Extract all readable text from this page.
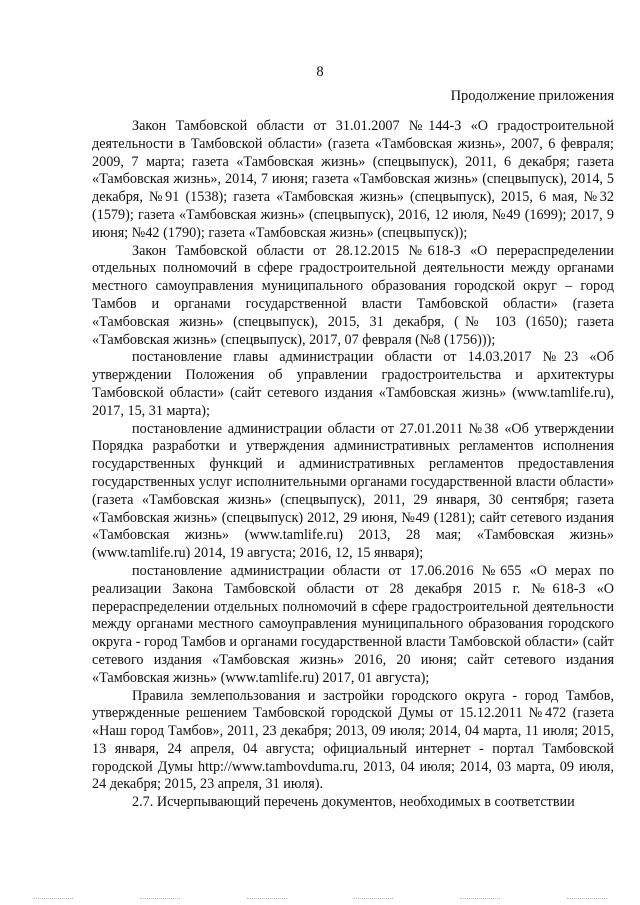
8
Продолжение приложения

Закон Тамбовской области от 31.01.2007 №144-З «О градостроительной деятельности в Тамбовской области» (газета «Тамбовская жизнь», 2007, 6 февраля; 2009, 7 марта; газета «Тамбовская жизнь» (спецвыпуск), 2011, 6 декабря; газета «Тамбовская жизнь», 2014, 7 июня; газета «Тамбовская жизнь» (спецвыпуск), 2014, 5 декабря, №91 (1538); газета «Тамбовская жизнь» (спецвыпуск), 2015, 6 мая, №32 (1579); газета «Тамбовская жизнь» (спецвыпуск), 2016, 12 июля, №49 (1699); 2017, 9 июня; №42 (1790); газета «Тамбовская жизнь» (спецвыпуск));

Закон Тамбовской области от 28.12.2015 №618-З «О перераспределении отдельных полномочий в сфере градостроительной деятельности между органами местного самоуправления муниципального образования городской округ – город Тамбов и органами государственной власти Тамбовской области» (газета «Тамбовская жизнь» (спецвыпуск), 2015, 31 декабря, (№ 103 (1650); газета «Тамбовская жизнь» (спецвыпуск), 2017, 07 февраля (№8 (1756)));

постановление главы администрации области от 14.03.2017 №23 «Об утверждении Положения об управлении градостроительства и архитектуры Тамбовской области» (сайт сетевого издания «Тамбовская жизнь» (www.tamlife.ru), 2017, 15, 31 марта);

постановление администрации области от 27.01.2011 №38 «Об утверждении Порядка разработки и утверждения административных регламентов исполнения государственных функций и административных регламентов предоставления государственных услуг исполнительными органами государственной власти области» (газета «Тамбовская жизнь» (спецвыпуск), 2011, 29 января, 30 сентября; газета «Тамбовская жизнь» (спецвыпуск) 2012, 29 июня, №49 (1281); сайт сетевого издания «Тамбовская жизнь» (www.tamlife.ru) 2013, 28 мая; «Тамбовская жизнь» (www.tamlife.ru) 2014, 19 августа; 2016, 12, 15 января);

постановление администрации области от 17.06.2016 №655 «О мерах по реализации Закона Тамбовской области от 28 декабря 2015 г. №618-З «О перераспределении отдельных полномочий в сфере градостроительной деятельности между органами местного самоуправления муниципального образования городского округа - город Тамбов и органами государственной власти Тамбовской области» (сайт сетевого издания «Тамбовская жизнь» 2016, 20 июня; сайт сетевого издания «Тамбовская жизнь» (www.tamlife.ru) 2017, 01 августа);

Правила землепользования и застройки городского округа - город Тамбов, утвержденные решением Тамбовской городской Думы от 15.12.2011 №472 (газета «Наш город Тамбов», 2011, 23 декабря; 2013, 09 июля; 2014, 04 марта, 11 июля; 2015, 13 января, 24 апреля, 04 августа; официальный интернет - портал Тамбовской городской Думы http://www.tambovduma.ru, 2013, 04 июля; 2014, 03 марта, 09 июля, 24 декабря; 2015, 23 апреля, 31 июля).

2.7. Исчерпывающий перечень документов, необходимых в соответствии
